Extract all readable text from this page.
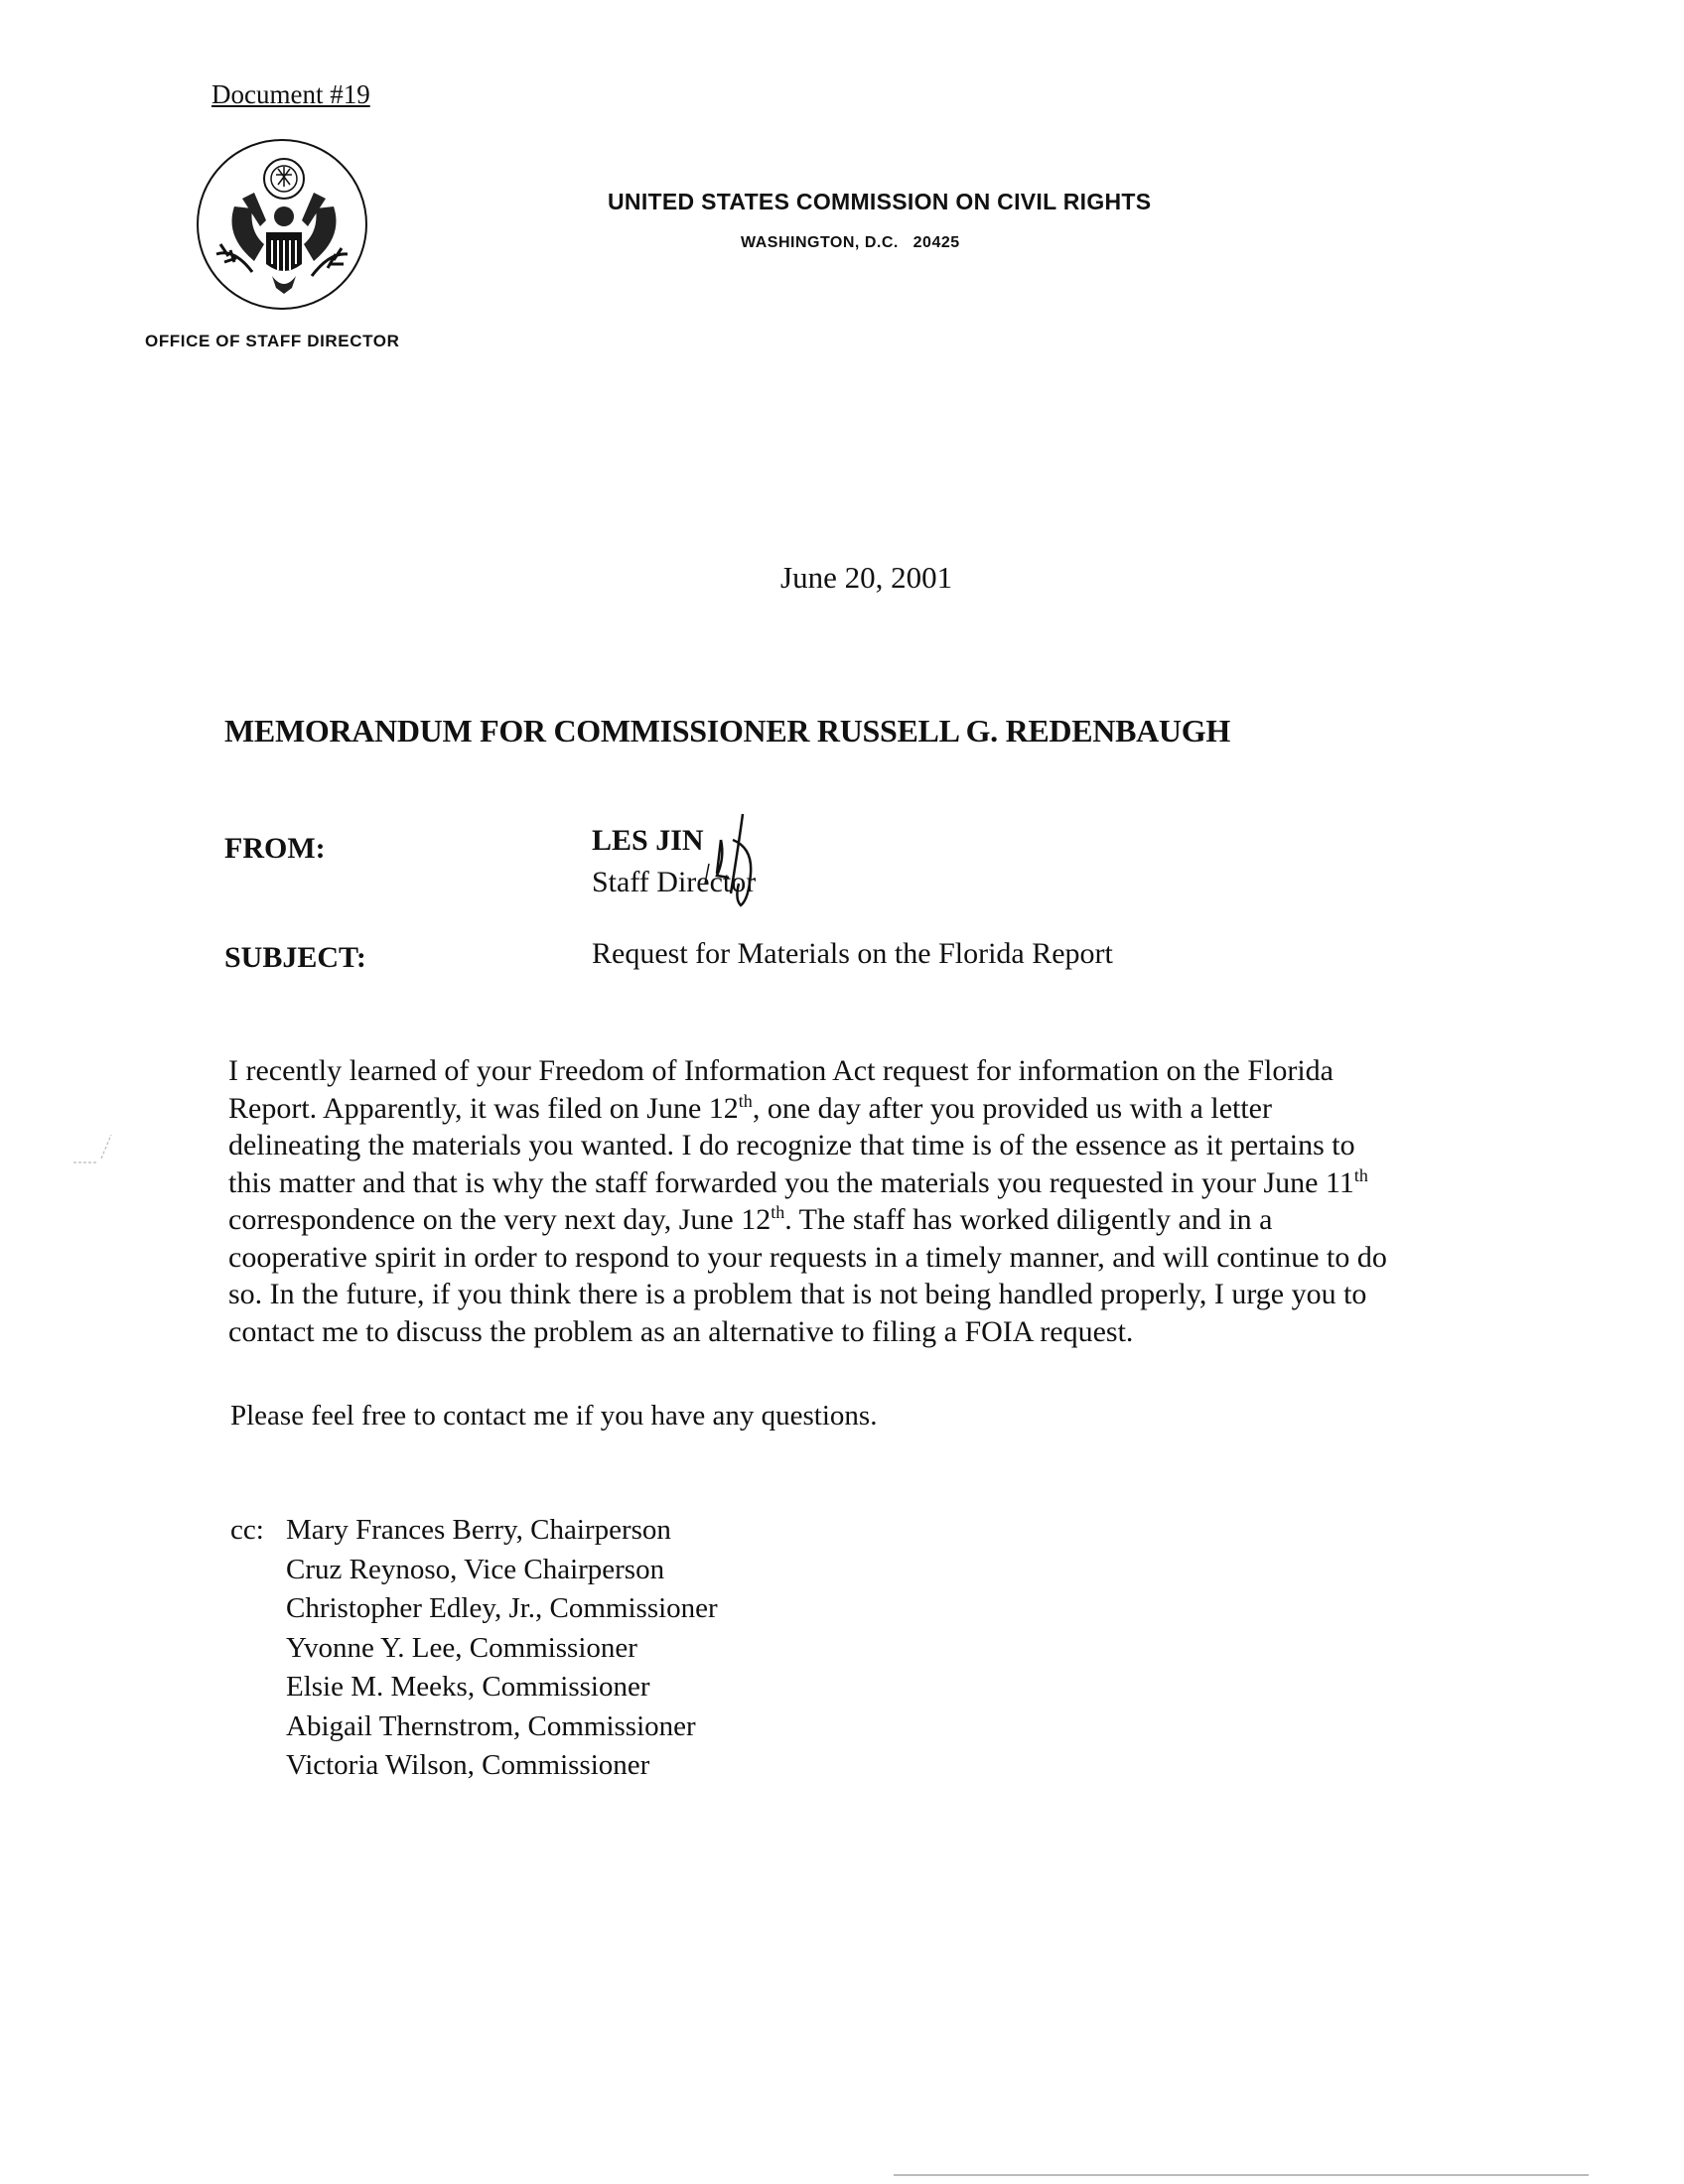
Document #19
OFFICE OF STAFF DIRECTOR
UNITED STATES COMMISSION ON CIVIL RIGHTS
WASHINGTON, D.C.   20425
June 20, 2001
MEMORANDUM FOR COMMISSIONER RUSSELL G. REDENBAUGH
FROM:	LES JIN
Staff Director
SUBJECT:	Request for Materials on the Florida Report
I recently learned of your Freedom of Information Act request for information on the Florida
Report. Apparently, it was filed on June 12th, one day after you provided us with a letter
delineating the materials you wanted. I do recognize that time is of the essence as it pertains to
this matter and that is why the staff forwarded you the materials you requested in your June 11th
correspondence on the very next day, June 12th. The staff has worked diligently and in a
cooperative spirit in order to respond to your requests in a timely manner, and will continue to do
so. In the future, if you think there is a problem that is not being handled properly, I urge you to
contact me to discuss the problem as an alternative to filing a FOIA request.
Please feel free to contact me if you have any questions.
cc: Mary Frances Berry, Chairperson
Cruz Reynoso, Vice Chairperson
Christopher Edley, Jr., Commissioner
Yvonne Y. Lee, Commissioner
Elsie M. Meeks, Commissioner
Abigail Thernstrom, Commissioner
Victoria Wilson, Commissioner
